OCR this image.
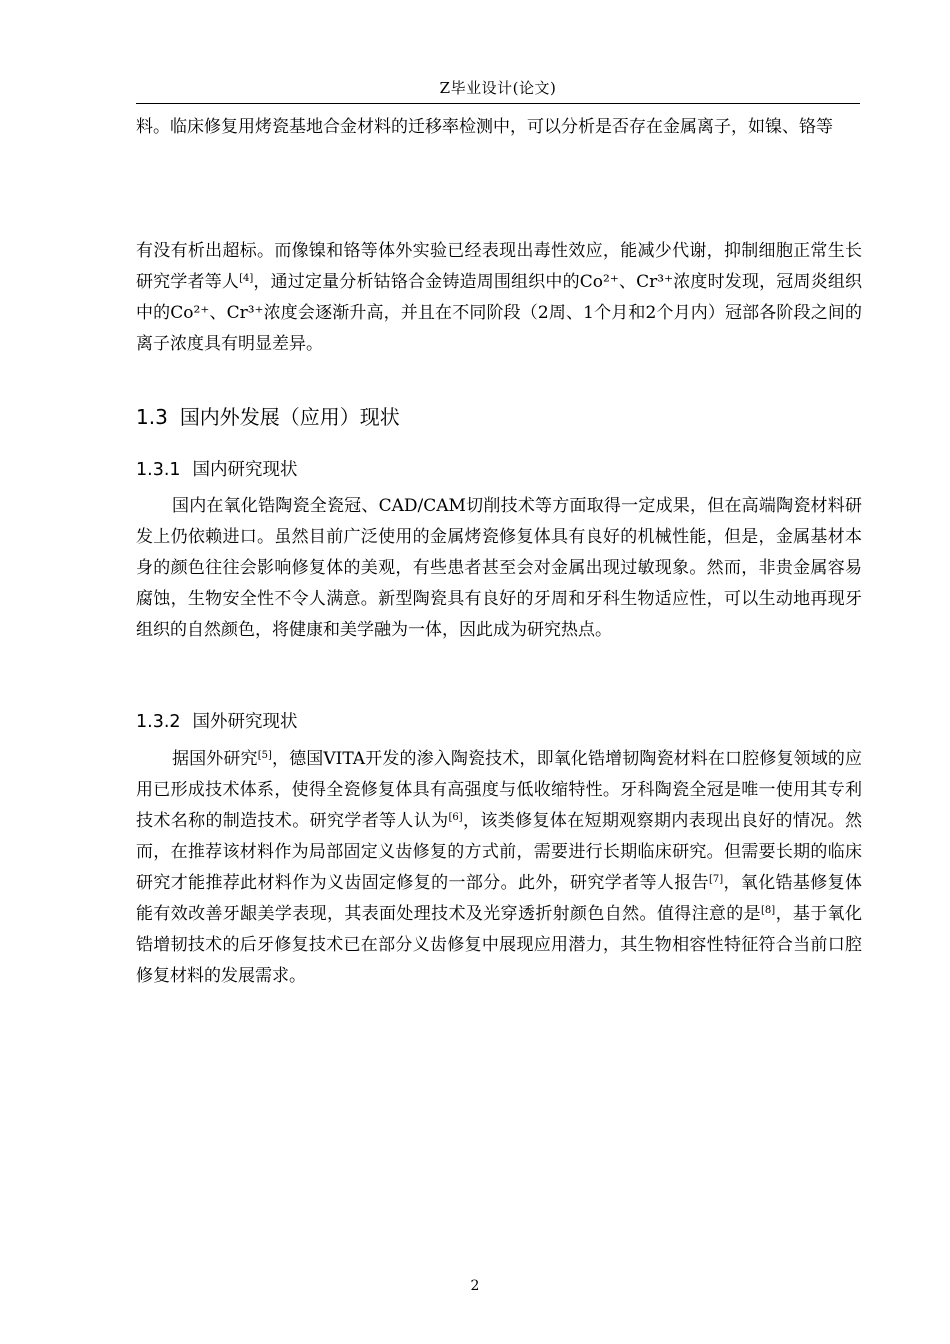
Z毕业设计(论文)

料。临床修复用烤瓷基地合金材料的迁移率检测中，可以分析是否存在金属离子，如镍、铬等

有没有析出超标。而像镍和铬等体外实验已经表现出毒性效应，能减少代谢，抑制细胞正常生长研究学者等人[4]，通过定量分析钴铬合金铸造周围组织中的Co²⁺、Cr³⁺浓度时发现，冠周炎组织中的Co²⁺、Cr³⁺浓度会逐渐升高，并且在不同阶段（2周、1个月和2个月内）冠部各阶段之间的离子浓度具有明显差异。

1.3 国内外发展（应用）现状
1.3.1 国内研究现状

国内在氧化锆陶瓷全瓷冠、CAD/CAM切削技术等方面取得一定成果，但在高端陶瓷材料研发上仍依赖进口。虽然目前广泛使用的金属烤瓷修复体具有良好的机械性能，但是，金属基材本身的颜色往往会影响修复体的美观，有些患者甚至会对金属出现过敏现象。然而，非贵金属容易腐蚀，生物安全性不令人满意。新型陶瓷具有良好的牙周和牙科生物适应性，可以生动地再现牙组织的自然颜色，将健康和美学融为一体，因此成为研究热点。

1.3.2 国外研究现状

据国外研究[5]，德国VITA开发的渗入陶瓷技术，即氧化锆增韧陶瓷材料在口腔修复领域的应用已形成技术体系，使得全瓷修复体具有高强度与低收缩特性。牙科陶瓷全冠是唯一使用其专利技术名称的制造技术。研究学者等人认为[6]，该类修复体在短期观察期内表现出良好的情况。然而，在推荐该材料作为局部固定义齿修复的方式前，需要进行长期临床研究。但需要长期的临床研究才能推荐此材料作为义齿固定修复的一部分。此外，研究学者等人报告[7]，氧化锆基修复体能有效改善牙龈美学表现，其表面处理技术及光穿透折射颜色自然。值得注意的是[8]，基于氧化锆增韧技术的后牙修复技术已在部分义齿修复中展现应用潜力，其生物相容性特征符合当前口腔修复材料的发展需求。

2
